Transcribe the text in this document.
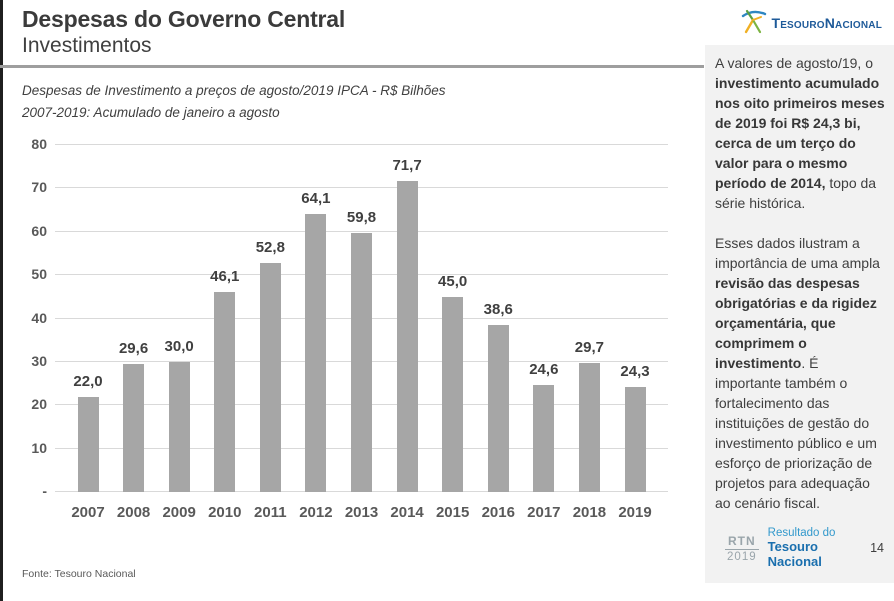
Despesas do Governo Central
Investimentos
Despesas de Investimento a preços de agosto/2019 IPCA - R$ Bilhões
2007-2019: Acumulado de janeiro a agosto
-
10
20
30
40
50
60
70
80
22,0
2007
29,6
2008
30,0
2009
46,1
2010
52,8
2011
64,1
2012
59,8
2013
71,7
2014
45,0
2015
38,6
2016
24,6
2017
29,7
2018
24,3
2019
Fonte: Tesouro Nacional
TesouroNacional
A valores de agosto/19, o investimento acumulado nos oito primeiros meses de 2019 foi R$ 24,3 bi, cerca de um terço do valor para o mesmo período de 2014, topo da série histórica.
Esses dados ilustram a importância de uma ampla revisão das despesas obrigatórias e da rigidez orçamentária, que comprimem o investimento. É importante também o fortalecimento das instituições de gestão do investimento público e um esforço de priorização de projetos para adequação ao cenário fiscal.
RTN
2019
Resultado do
Tesouro Nacional
14
